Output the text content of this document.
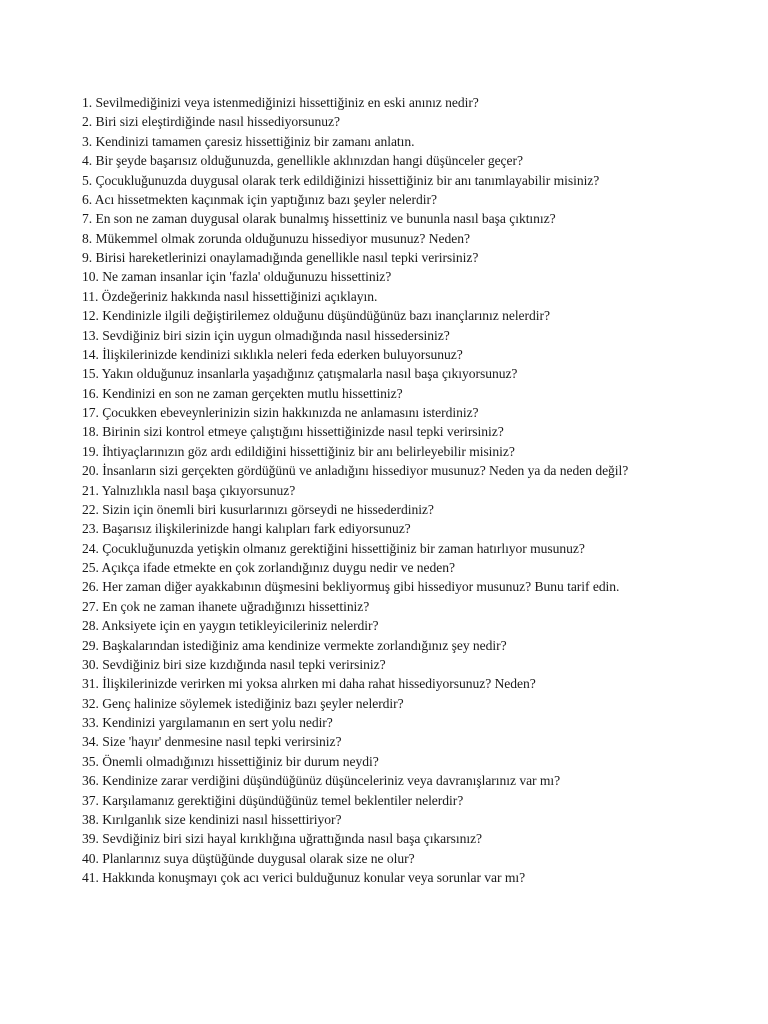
1. Sevilmediğinizi veya istenmediğinizi hissettiğiniz en eski anınız nedir?
2. Biri sizi eleştirdiğinde nasıl hissediyorsunuz?
3. Kendinizi tamamen çaresiz hissettiğiniz bir zamanı anlatın.
4. Bir şeyde başarısız olduğunuzda, genellikle aklınızdan hangi düşünceler geçer?
5. Çocukluğunuzda duygusal olarak terk edildiğinizi hissettiğiniz bir anı tanımlayabilir misiniz?
6. Acı hissetmekten kaçınmak için yaptığınız bazı şeyler nelerdir?
7. En son ne zaman duygusal olarak bunalmış hissettiniz ve bununla nasıl başa çıktınız?
8. Mükemmel olmak zorunda olduğunuzu hissediyor musunuz? Neden?
9. Birisi hareketlerinizi onaylamadığında genellikle nasıl tepki verirsiniz?
10. Ne zaman insanlar için 'fazla' olduğunuzu hissettiniz?
11. Özdeğeriniz hakkında nasıl hissettiğinizi açıklayın.
12. Kendinizle ilgili değiştirilemez olduğunu düşündüğünüz bazı inançlarınız nelerdir?
13. Sevdiğiniz biri sizin için uygun olmadığında nasıl hissedersiniz?
14. İlişkilerinizde kendinizi sıklıkla neleri feda ederken buluyorsunuz?
15. Yakın olduğunuz insanlarla yaşadığınız çatışmalarla nasıl başa çıkıyorsunuz?
16. Kendinizi en son ne zaman gerçekten mutlu hissettiniz?
17. Çocukken ebeveynlerinizin sizin hakkınızda ne anlamasını isterdiniz?
18. Birinin sizi kontrol etmeye çalıştığını hissettiğinizde nasıl tepki verirsiniz?
19. İhtiyaçlarınızın göz ardı edildiğini hissettiğiniz bir anı belirleyebilir misiniz?
20. İnsanların sizi gerçekten gördüğünü ve anladığını hissediyor musunuz? Neden ya da neden değil?
21. Yalnızlıkla nasıl başa çıkıyorsunuz?
22. Sizin için önemli biri kusurlarınızı görseydi ne hissederdiniz?
23. Başarısız ilişkilerinizde hangi kalıpları fark ediyorsunuz?
24. Çocukluğunuzda yetişkin olmanız gerektiğini hissettiğiniz bir zaman hatırlıyor musunuz?
25. Açıkça ifade etmekte en çok zorlandığınız duygu nedir ve neden?
26. Her zaman diğer ayakkabının düşmesini bekliyormuş gibi hissediyor musunuz? Bunu tarif edin.
27. En çok ne zaman ihanete uğradığınızı hissettiniz?
28. Anksiyete için en yaygın tetikleyicileriniz nelerdir?
29. Başkalarından istediğiniz ama kendinize vermekte zorlandığınız şey nedir?
30. Sevdiğiniz biri size kızdığında nasıl tepki verirsiniz?
31. İlişkilerinizde verirken mi yoksa alırken mi daha rahat hissediyorsunuz? Neden?
32. Genç halinize söylemek istediğiniz bazı şeyler nelerdir?
33. Kendinizi yargılamanın en sert yolu nedir?
34. Size 'hayır' denmesine nasıl tepki verirsiniz?
35. Önemli olmadığınızı hissettiğiniz bir durum neydi?
36. Kendinize zarar verdiğini düşündüğünüz düşünceleriniz veya davranışlarınız var mı?
37. Karşılamanız gerektiğini düşündüğünüz temel beklentiler nelerdir?
38. Kırılganlık size kendinizi nasıl hissettiriyor?
39. Sevdiğiniz biri sizi hayal kırıklığına uğrattığında nasıl başa çıkarsınız?
40. Planlarınız suya düştüğünde duygusal olarak size ne olur?
41. Hakkında konuşmayı çok acı verici bulduğunuz konular veya sorunlar var mı?
